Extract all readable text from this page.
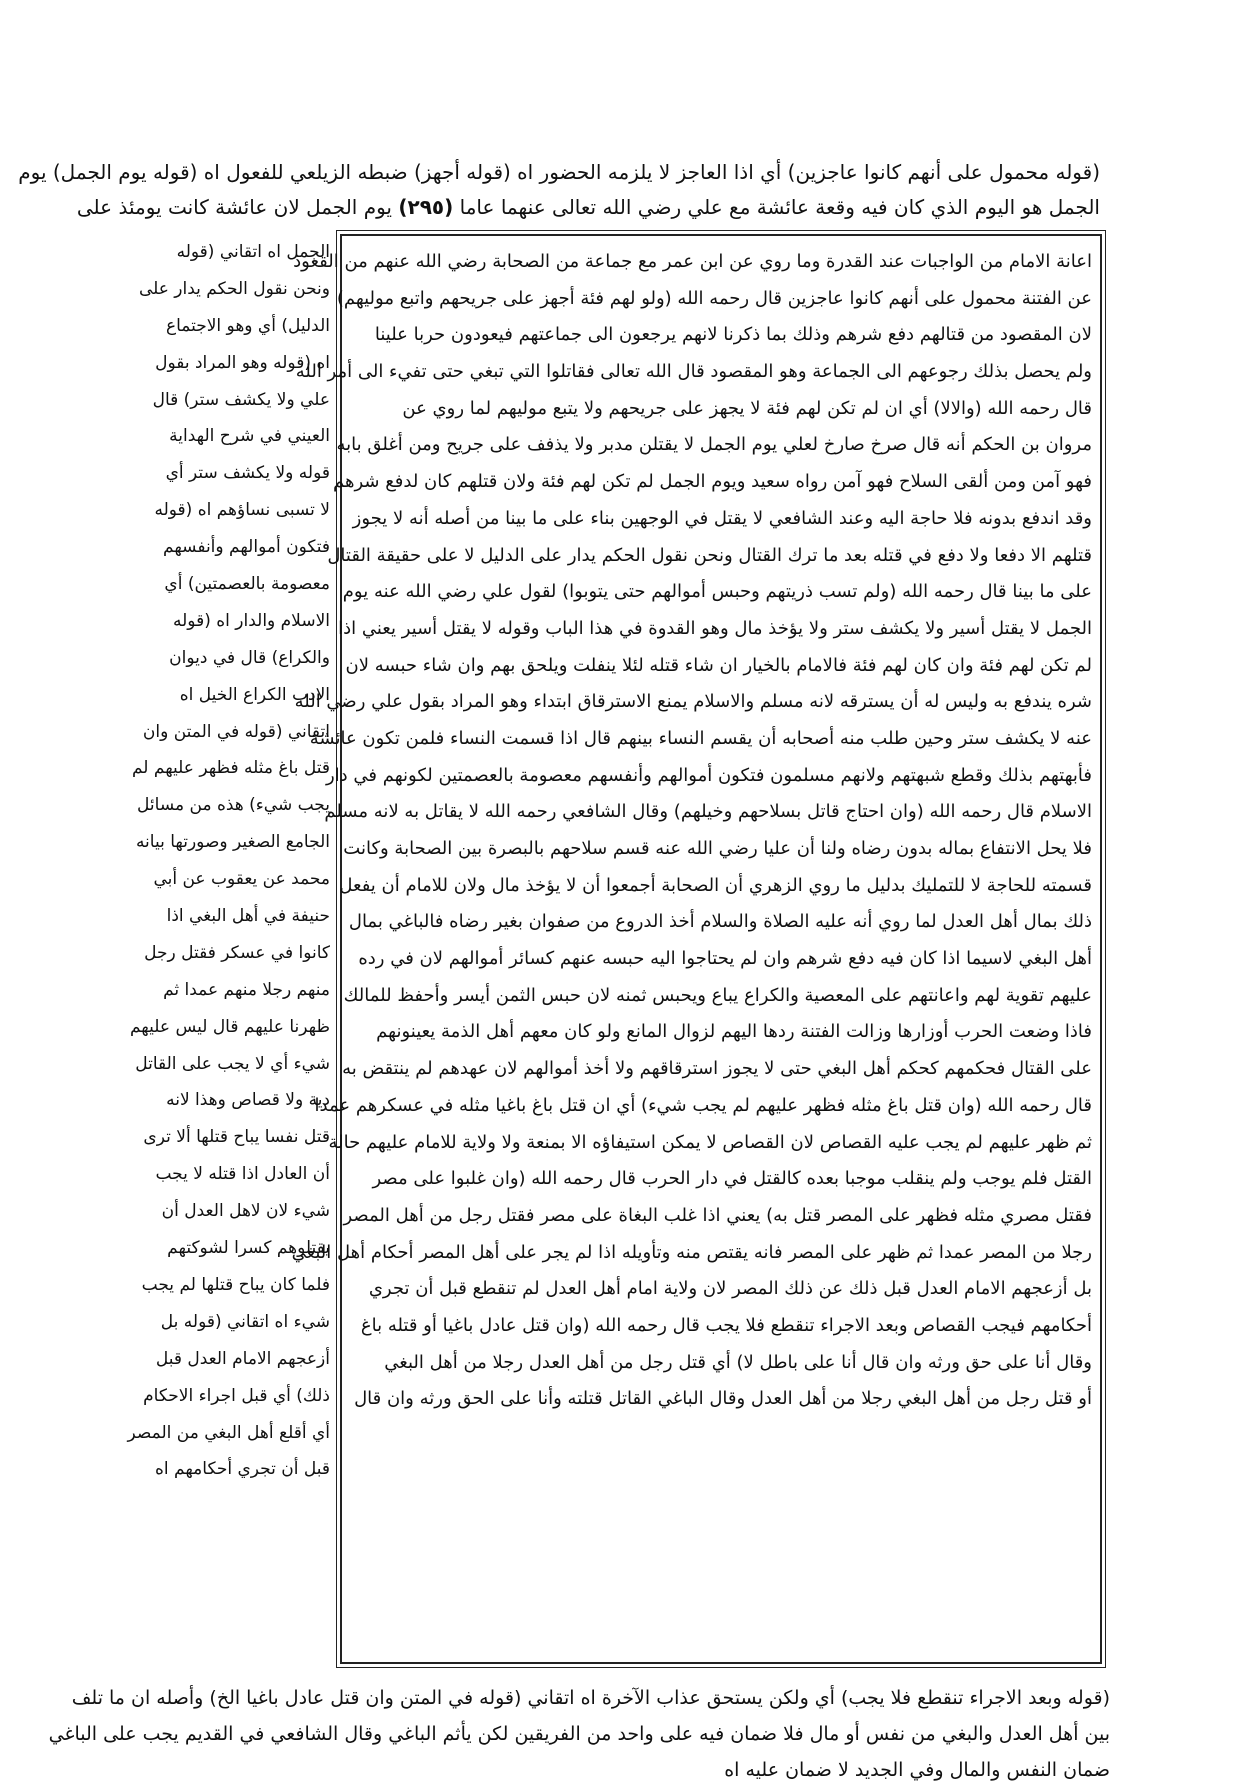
(قوله محمول على أنهم كانوا عاجزين) أي اذا العاجز لا يلزمه الحضور اه (قوله أجهز) ضبطه الزيلعي للفعول اه (قوله يوم الجمل) يوم
الجمل هو اليوم الذي كان فيه وقعة عائشة مع علي رضي الله تعالى عنهما عاما (٢٩٥) يوم الجمل لان عائشة كانت يومئذ على
اعانة الامام من الواجبات عند القدرة وما روي عن ابن عمر مع جماعة من الصحابة رضي الله عنهم من القعود
عن الفتنة محمول على أنهم كانوا عاجزين قال رحمه الله (ولو لهم فئة أجهز على جريحهم واتبع موليهم)
لان المقصود من قتالهم دفع شرهم وذلك بما ذكرنا لانهم يرجعون الى جماعتهم فيعودون حربا علينا
ولم يحصل بذلك رجوعهم الى الجماعة وهو المقصود قال الله تعالى فقاتلوا التي تبغي حتى تفيء الى أمر الله
قال رحمه الله (والالا) أي ان لم تكن لهم فئة لا يجهز على جريحهم ولا يتبع موليهم لما روي عن
مروان بن الحكم أنه قال صرخ صارخ لعلي يوم الجمل لا يقتلن مدبر ولا يذفف على جريح ومن أغلق بابه
فهو آمن ومن ألقى السلاح فهو آمن رواه سعيد ويوم الجمل لم تكن لهم فئة ولان قتلهم كان لدفع شرهم
وقد اندفع بدونه فلا حاجة اليه وعند الشافعي لا يقتل في الوجهين بناء على ما بينا من أصله أنه لا يجوز
قتلهم الا دفعا ولا دفع في قتله بعد ما ترك القتال ونحن نقول الحكم يدار على الدليل لا على حقيقة القتال
على ما بينا قال رحمه الله (ولم تسب ذريتهم وحبس أموالهم حتى يتوبوا) لقول علي رضي الله عنه يوم
الجمل لا يقتل أسير ولا يكشف ستر ولا يؤخذ مال وهو القدوة في هذا الباب وقوله لا يقتل أسير يعني اذا
لم تكن لهم فئة وان كان لهم فئة فالامام بالخيار ان شاء قتله لئلا ينفلت ويلحق بهم وان شاء حبسه لان
شره يندفع به وليس له أن يسترقه لانه مسلم والاسلام يمنع الاسترقاق ابتداء وهو المراد بقول علي رضي الله
عنه لا يكشف ستر وحين طلب منه أصحابه أن يقسم النساء بينهم قال اذا قسمت النساء فلمن تكون عائشة
فأبهتهم بذلك وقطع شبهتهم ولانهم مسلمون فتكون أموالهم وأنفسهم معصومة بالعصمتين لكونهم في دار
الاسلام قال رحمه الله (وان احتاج قاتل بسلاحهم وخيلهم) وقال الشافعي رحمه الله لا يقاتل به لانه مسلم
فلا يحل الانتفاع بماله بدون رضاه ولنا أن عليا رضي الله عنه قسم سلاحهم بالبصرة بين الصحابة وكانت
قسمته للحاجة لا للتمليك بدليل ما روي الزهري أن الصحابة أجمعوا أن لا يؤخذ مال ولان للامام أن يفعل
ذلك بمال أهل العدل لما روي أنه عليه الصلاة والسلام أخذ الدروع من صفوان بغير رضاه فالباغي بمال
أهل البغي لاسيما اذا كان فيه دفع شرهم وان لم يحتاجوا اليه حبسه عنهم كسائر أموالهم لان في رده
عليهم تقوية لهم واعانتهم على المعصية والكراع يباع ويحبس ثمنه لان حبس الثمن أيسر وأحفظ للمالك
فاذا وضعت الحرب أوزارها وزالت الفتنة ردها اليهم لزوال المانع ولو كان معهم أهل الذمة يعينونهم
على القتال فحكمهم كحكم أهل البغي حتى لا يجوز استرقاقهم ولا أخذ أموالهم لان عهدهم لم ينتقض به
قال رحمه الله (وان قتل باغ مثله فظهر عليهم لم يجب شيء) أي ان قتل باغ باغيا مثله في عسكرهم عمدا
ثم ظهر عليهم لم يجب عليه القصاص لان القصاص لا يمكن استيفاؤه الا بمنعة ولا ولاية للامام عليهم حالة
القتل فلم يوجب ولم ينقلب موجبا بعده كالقتل في دار الحرب قال رحمه الله (وان غلبوا على مصر
فقتل مصري مثله فظهر على المصر قتل به) يعني اذا غلب البغاة على مصر فقتل رجل من أهل المصر
رجلا من المصر عمدا ثم ظهر على المصر فانه يقتص منه وتأويله اذا لم يجر على أهل المصر أحكام أهل البغي
بل أزعجهم الامام العدل قبل ذلك عن ذلك المصر لان ولاية امام أهل العدل لم تنقطع قبل أن تجري
أحكامهم فيجب القصاص وبعد الاجراء تنقطع فلا يجب قال رحمه الله (وان قتل عادل باغيا أو قتله باغ
وقال أنا على حق ورثه وان قال أنا على باطل لا) أي قتل رجل من أهل العدل رجلا من أهل البغي
أو قتل رجل من أهل البغي رجلا من أهل العدل وقال الباغي القاتل قتلته وأنا على الحق ورثه وان قال
الجمل اه اتقاني (قوله
ونحن نقول الحكم يدار على
الدليل) أي وهو الاجتماع
اه (قوله وهو المراد بقول
علي ولا يكشف ستر) قال
العيني في شرح الهداية
قوله ولا يكشف ستر أي
لا تسبى نساؤهم اه (قوله
فتكون أموالهم وأنفسهم
معصومة بالعصمتين) أي
الاسلام والدار اه (قوله
والكراع) قال في ديوان
الادب الكراع الخيل اه
اتقاني (قوله في المتن وان
قتل باغ مثله فظهر عليهم لم
يجب شيء) هذه من مسائل
الجامع الصغير وصورتها بيانه
محمد عن يعقوب عن أبي
حنيفة في أهل البغي اذا
كانوا في عسكر فقتل رجل
منهم رجلا منهم عمدا ثم
ظهرنا عليهم قال ليس عليهم
شيء أي لا يجب على القاتل
دية ولا قصاص وهذا لانه
قتل نفسا يباح قتلها ألا ترى
أن العادل اذا قتله لا يجب
شيء لان لاهل العدل أن
يقتلوهم كسرا لشوكتهم
فلما كان يباح قتلها لم يجب
شيء اه اتقاني (قوله بل
أزعجهم الامام العدل قبل
ذلك) أي قبل اجراء الاحكام
أي أقلع أهل البغي من المصر
قبل أن تجري أحكامهم اه
(قوله وبعد الاجراء تنقطع فلا يجب) أي ولكن يستحق عذاب الآخرة اه اتقاني (قوله في المتن وان قتل عادل باغيا الخ) وأصله ان ما تلف
بين أهل العدل والبغي من نفس أو مال فلا ضمان فيه على واحد من الفريقين لكن يأثم الباغي وقال الشافعي في القديم يجب على الباغي
ضمان النفس والمال وفي الجديد لا ضمان عليه اه
